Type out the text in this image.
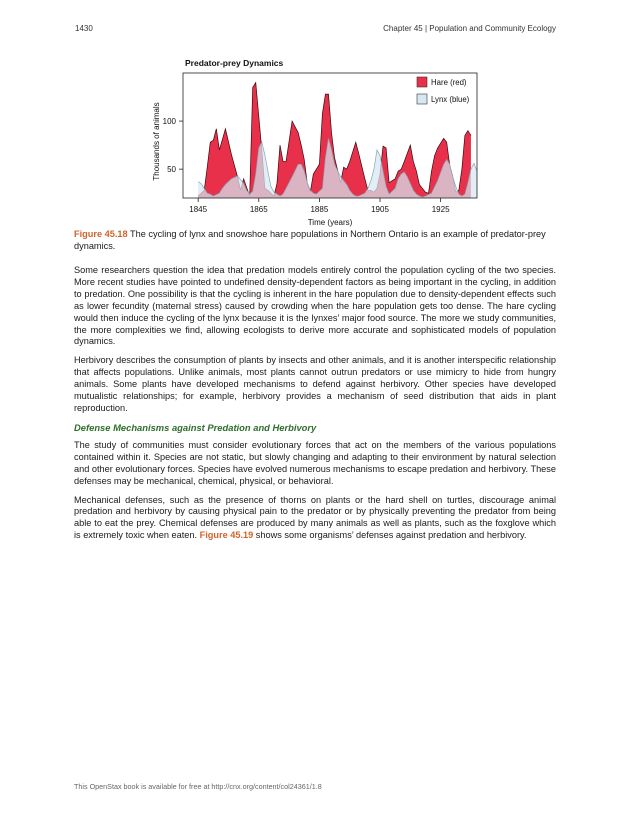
1430	Chapter 45 | Population and Community Ecology
Predator-prey Dynamics
1845	1865	1885	1905	1925
50
100
Time (years)
Thousands of animals
Hare (red)
Lynx (blue)

Figure 45.18 The cycling of lynx and snowshoe hare populations in Northern Ontario is an example of predator-prey dynamics.

Some researchers question the idea that predation models entirely control the population cycling of the two species. More recent studies have pointed to undefined density-dependent factors as being important in the cycling, in addition to predation. One possibility is that the cycling is inherent in the hare population due to density-dependent effects such as lower fecundity (maternal stress) caused by crowding when the hare population gets too dense. The hare cycling would then induce the cycling of the lynx because it is the lynxes’ major food source. The more we study communities, the more complexities we find, allowing ecologists to derive more accurate and sophisticated models of population dynamics.

Herbivory describes the consumption of plants by insects and other animals, and it is another interspecific relationship that affects populations. Unlike animals, most plants cannot outrun predators or use mimicry to hide from hungry animals. Some plants have developed mechanisms to defend against herbivory. Other species have developed mutualistic relationships; for example, herbivory provides a mechanism of seed distribution that aids in plant reproduction.

Defense Mechanisms against Predation and Herbivory

The study of communities must consider evolutionary forces that act on the members of the various populations contained within it. Species are not static, but slowly changing and adapting to their environment by natural selection and other evolutionary forces. Species have evolved numerous mechanisms to escape predation and herbivory. These defenses may be mechanical, chemical, physical, or behavioral.

Mechanical defenses, such as the presence of thorns on plants or the hard shell on turtles, discourage animal predation and herbivory by causing physical pain to the predator or by physically preventing the predator from being able to eat the prey. Chemical defenses are produced by many animals as well as plants, such as the foxglove which is extremely toxic when eaten. Figure 45.19 shows some organisms’ defenses against predation and herbivory.

This OpenStax book is available for free at http://cnx.org/content/col24361/1.8
